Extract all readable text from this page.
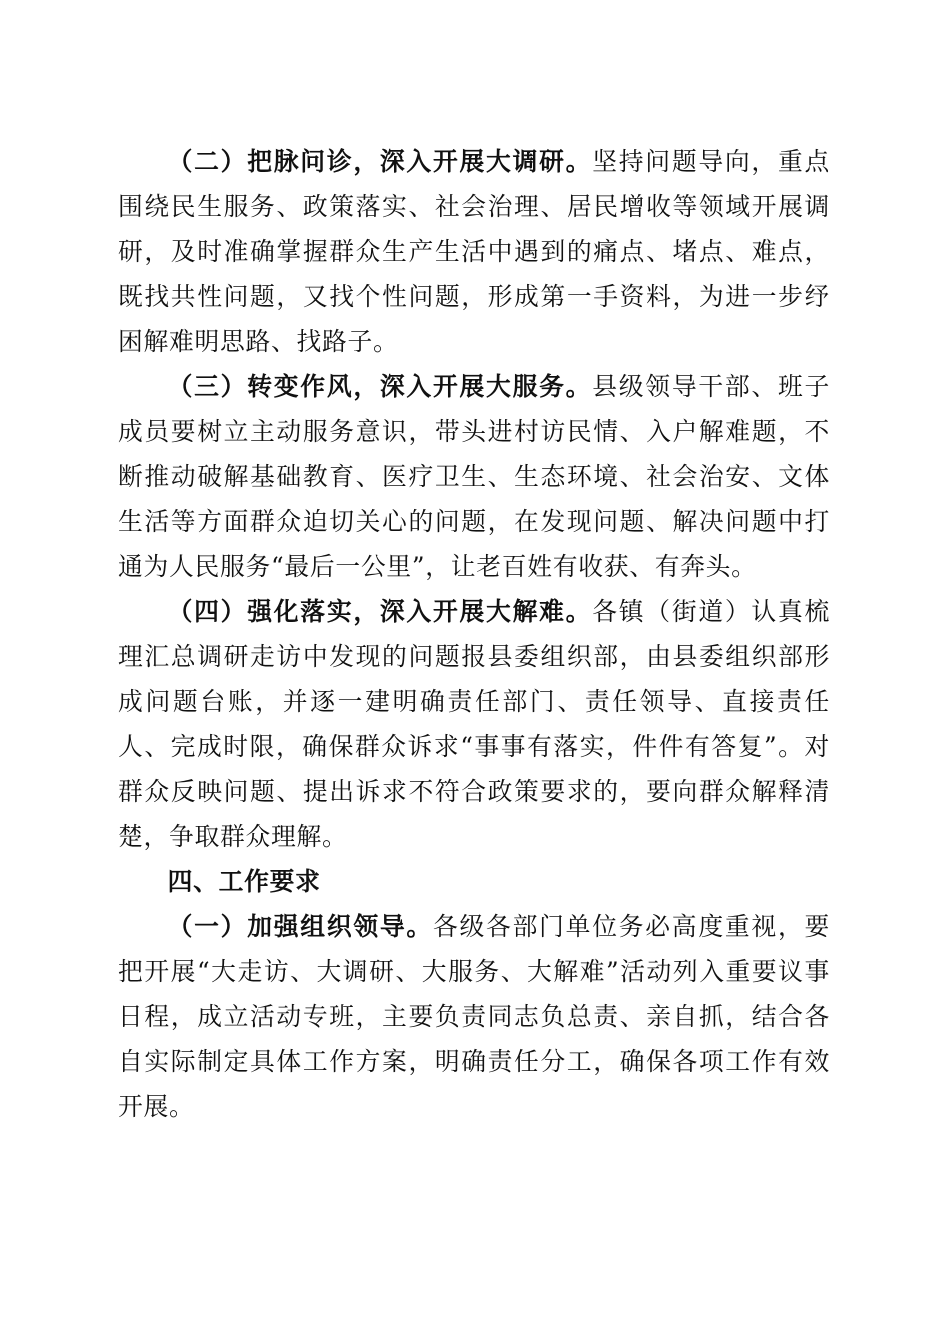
（二）把脉问诊，深入开展大调研。坚持问题导向，重点围绕民生服务、政策落实、社会治理、居民增收等领域开展调研，及时准确掌握群众生产生活中遇到的痛点、堵点、难点，既找共性问题，又找个性问题，形成第一手资料，为进一步纾困解难明思路、找路子。

（三）转变作风，深入开展大服务。县级领导干部、班子成员要树立主动服务意识，带头进村访民情、入户解难题，不断推动破解基础教育、医疗卫生、生态环境、社会治安、文体生活等方面群众迫切关心的问题，在发现问题、解决问题中打通为人民服务“最后一公里”，让老百姓有收获、有奔头。

（四）强化落实，深入开展大解难。各镇（街道）认真梳理汇总调研走访中发现的问题报县委组织部，由县委组织部形成问题台账，并逐一建明确责任部门、责任领导、直接责任人、完成时限，确保群众诉求“事事有落实，件件有答复”。对群众反映问题、提出诉求不符合政策要求的，要向群众解释清楚，争取群众理解。

四、工作要求

（一）加强组织领导。各级各部门单位务必高度重视，要把开展“大走访、大调研、大服务、大解难”活动列入重要议事日程，成立活动专班，主要负责同志负总责、亲自抓，结合各自实际制定具体工作方案，明确责任分工，确保各项工作有效开展。
